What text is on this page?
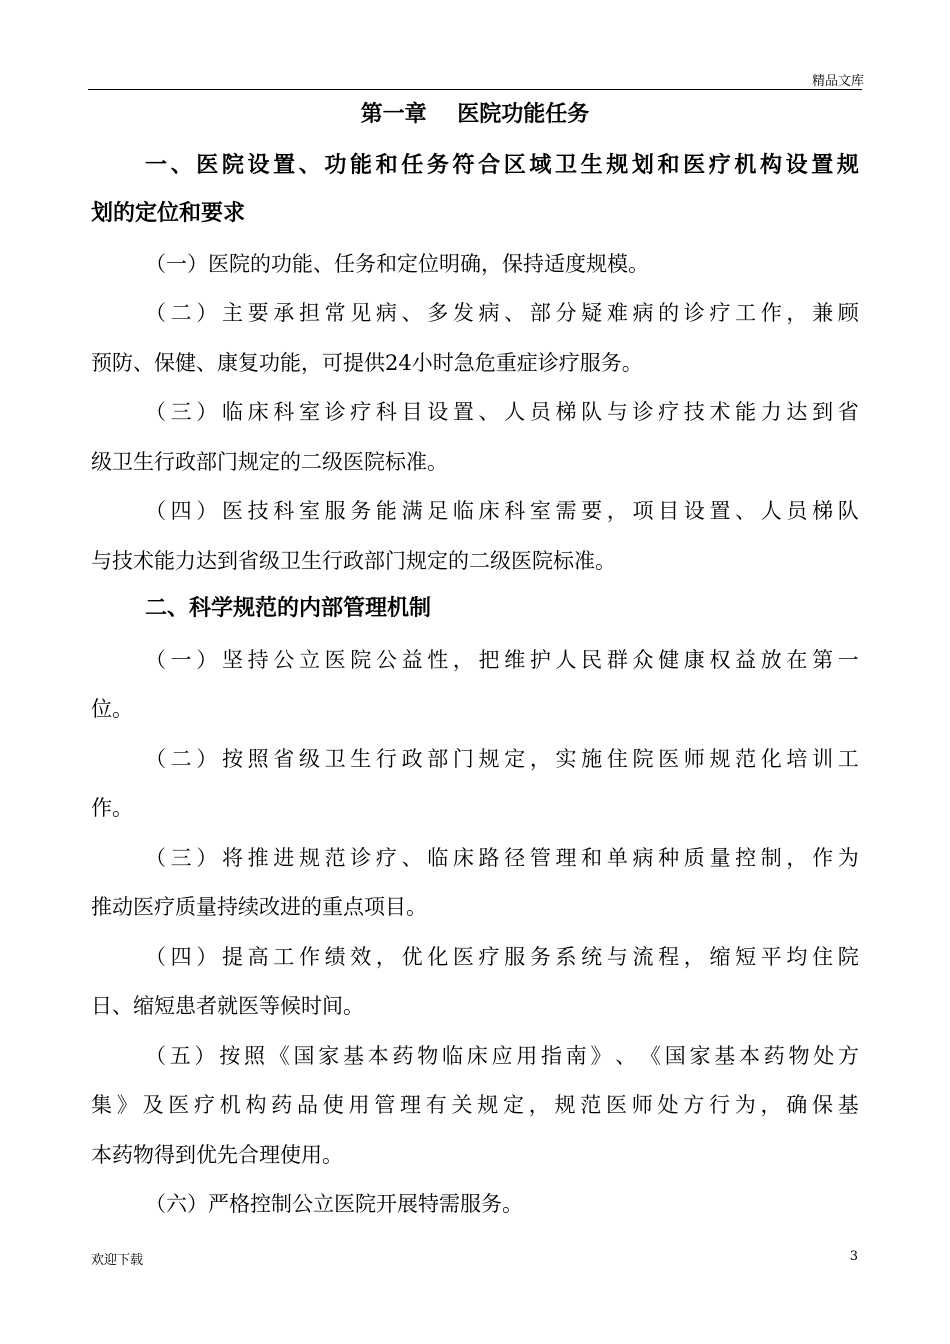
精品文库
第一章    医院功能任务
一 、 医 院 设 置 、 功 能 和 任 务 符 合 区 域 卫 生 规 划 和 医 疗 机 构 设 置 规
划的定位和要求
（一）医院的功能、任务和定位明确，保持适度规模。
（ 二 ） 主 要 承 担 常 见 病 、 多 发 病 、 部 分 疑 难 病 的 诊 疗 工 作 ， 兼 顾
预防、保健、康复功能，可提供24小时急危重症诊疗服务。
（ 三 ） 临 床 科 室 诊 疗 科 目 设 置 、 人 员 梯 队 与 诊 疗 技 术 能 力 达 到 省
级卫生行政部门规定的二级医院标准。
（ 四 ） 医 技 科 室 服 务 能 满 足 临 床 科 室 需 要 ， 项 目 设 置 、 人 员 梯 队
与技术能力达到省级卫生行政部门规定的二级医院标准。
二、科学规范的内部管理机制
（ 一 ） 坚 持 公 立 医 院 公 益 性 ， 把 维 护 人 民 群 众 健 康 权 益 放 在 第 一
位。
（ 二 ） 按 照 省 级 卫 生 行 政 部 门 规 定 ， 实 施 住 院 医 师 规 范 化 培 训 工
作。
（ 三 ） 将 推 进 规 范 诊 疗 、 临 床 路 径 管 理 和 单 病 种 质 量 控 制 ， 作 为
推动医疗质量持续改进的重点项目。
（ 四 ） 提 高 工 作 绩 效 ， 优 化 医 疗 服 务 系 统 与 流 程 ， 缩 短 平 均 住 院
日、缩短患者就医等候时间。
（ 五 ） 按 照 《 国 家 基 本 药 物 临 床 应 用 指 南 》 、 《 国 家 基 本 药 物 处 方
集 》 及 医 疗 机 构 药 品 使 用 管 理 有 关 规 定 ， 规 范 医 师 处 方 行 为 ， 确 保 基
本药物得到优先合理使用。
（六）严格控制公立医院开展特需服务。
欢迎下载	3
